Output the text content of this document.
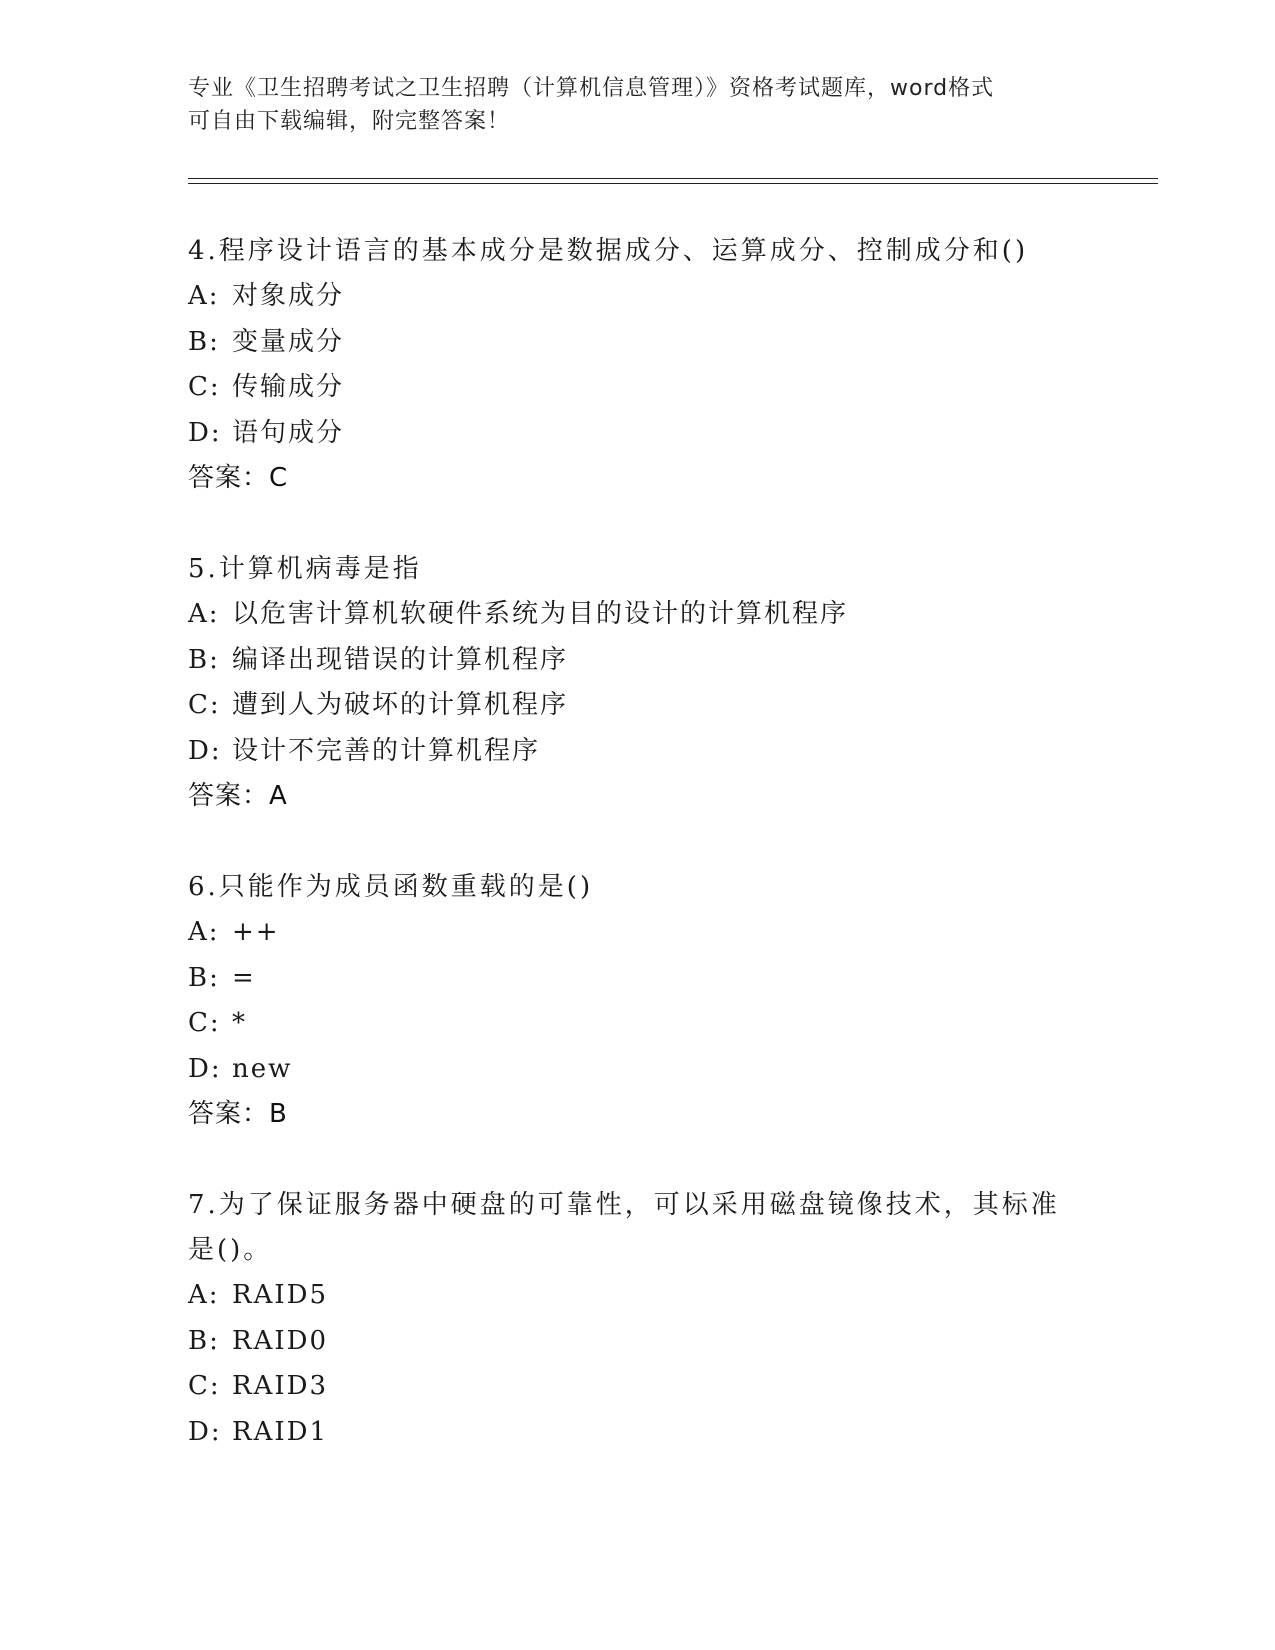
专业《卫生招聘考试之卫生招聘（计算机信息管理）》资格考试题库，word格式
可自由下载编辑，附完整答案！
4.程序设计语言的基本成分是数据成分、运算成分、控制成分和()
A: 对象成分
B: 变量成分
C: 传输成分
D: 语句成分
答案：C
5.计算机病毒是指
A: 以危害计算机软硬件系统为目的设计的计算机程序
B: 编译出现错误的计算机程序
C: 遭到人为破坏的计算机程序
D: 设计不完善的计算机程序
答案：A
6.只能作为成员函数重载的是()
A: ++
B: =
C: *
D: new
答案：B
7.为了保证服务器中硬盘的可靠性，可以采用磁盘镜像技术，其标准
是()。
A: RAID5
B: RAID0
C: RAID3
D: RAID1
